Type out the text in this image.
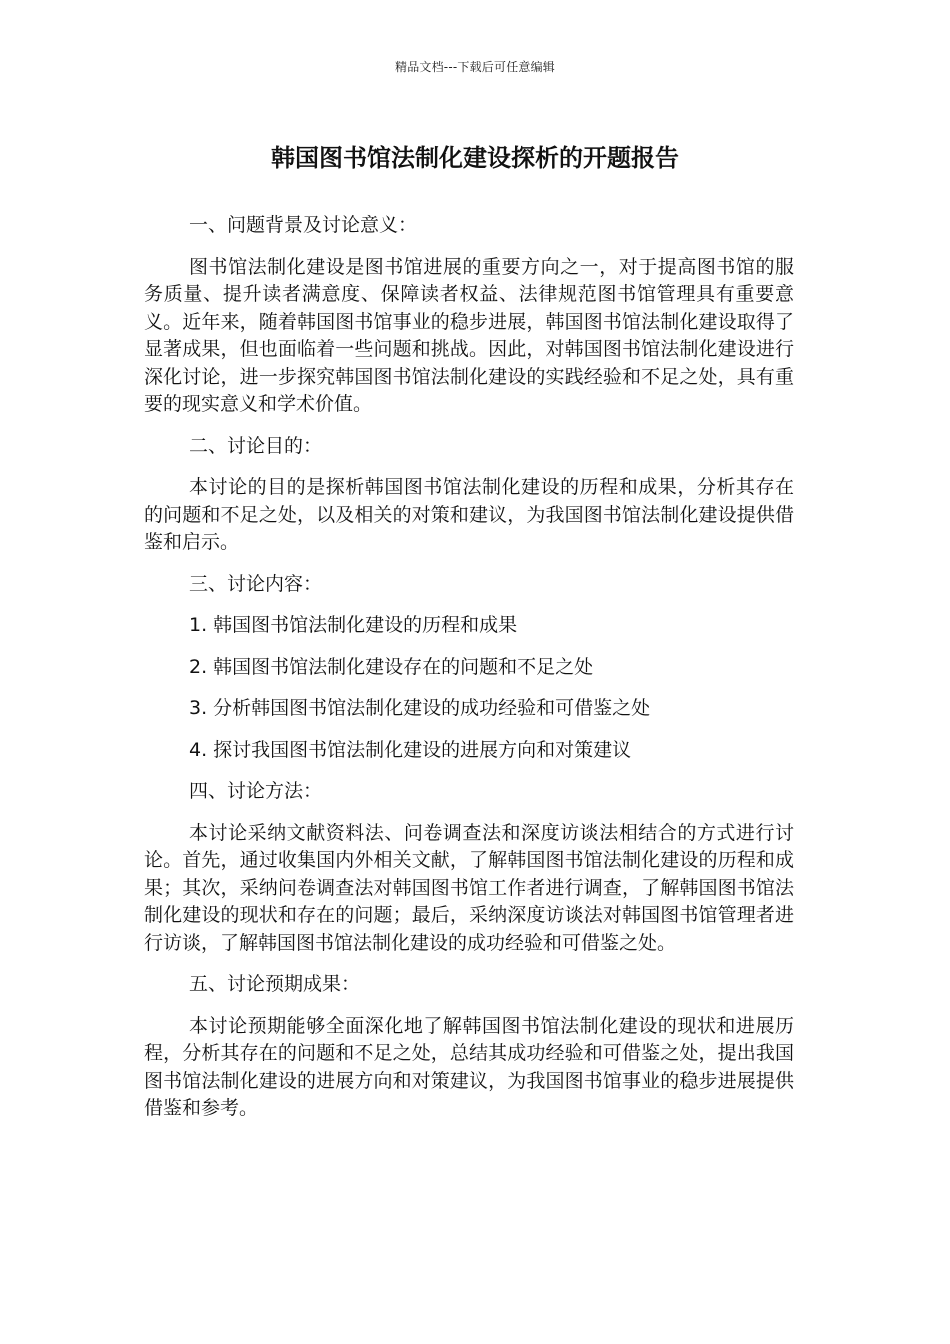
精品文档---下载后可任意编辑
韩国图书馆法制化建设探析的开题报告

一、问题背景及讨论意义：

图书馆法制化建设是图书馆进展的重要方向之一，对于提高图书馆的服务质量、提升读者满意度、保障读者权益、法律规范图书馆管理具有重要意义。近年来，随着韩国图书馆事业的稳步进展，韩国图书馆法制化建设取得了显著成果，但也面临着一些问题和挑战。因此，对韩国图书馆法制化建设进行深化讨论，进一步探究韩国图书馆法制化建设的实践经验和不足之处，具有重要的现实意义和学术价值。

二、讨论目的：

本讨论的目的是探析韩国图书馆法制化建设的历程和成果，分析其存在的问题和不足之处，以及相关的对策和建议，为我国图书馆法制化建设提供借鉴和启示。

三、讨论内容：

1. 韩国图书馆法制化建设的历程和成果

2. 韩国图书馆法制化建设存在的问题和不足之处

3. 分析韩国图书馆法制化建设的成功经验和可借鉴之处

4. 探讨我国图书馆法制化建设的进展方向和对策建议

四、讨论方法：

本讨论采纳文献资料法、问卷调查法和深度访谈法相结合的方式进行讨论。首先，通过收集国内外相关文献，了解韩国图书馆法制化建设的历程和成果；其次，采纳问卷调查法对韩国图书馆工作者进行调查，了解韩国图书馆法制化建设的现状和存在的问题；最后，采纳深度访谈法对韩国图书馆管理者进行访谈，了解韩国图书馆法制化建设的成功经验和可借鉴之处。

五、讨论预期成果：

本讨论预期能够全面深化地了解韩国图书馆法制化建设的现状和进展历程，分析其存在的问题和不足之处，总结其成功经验和可借鉴之处，提出我国图书馆法制化建设的进展方向和对策建议，为我国图书馆事业的稳步进展提供借鉴和参考。
